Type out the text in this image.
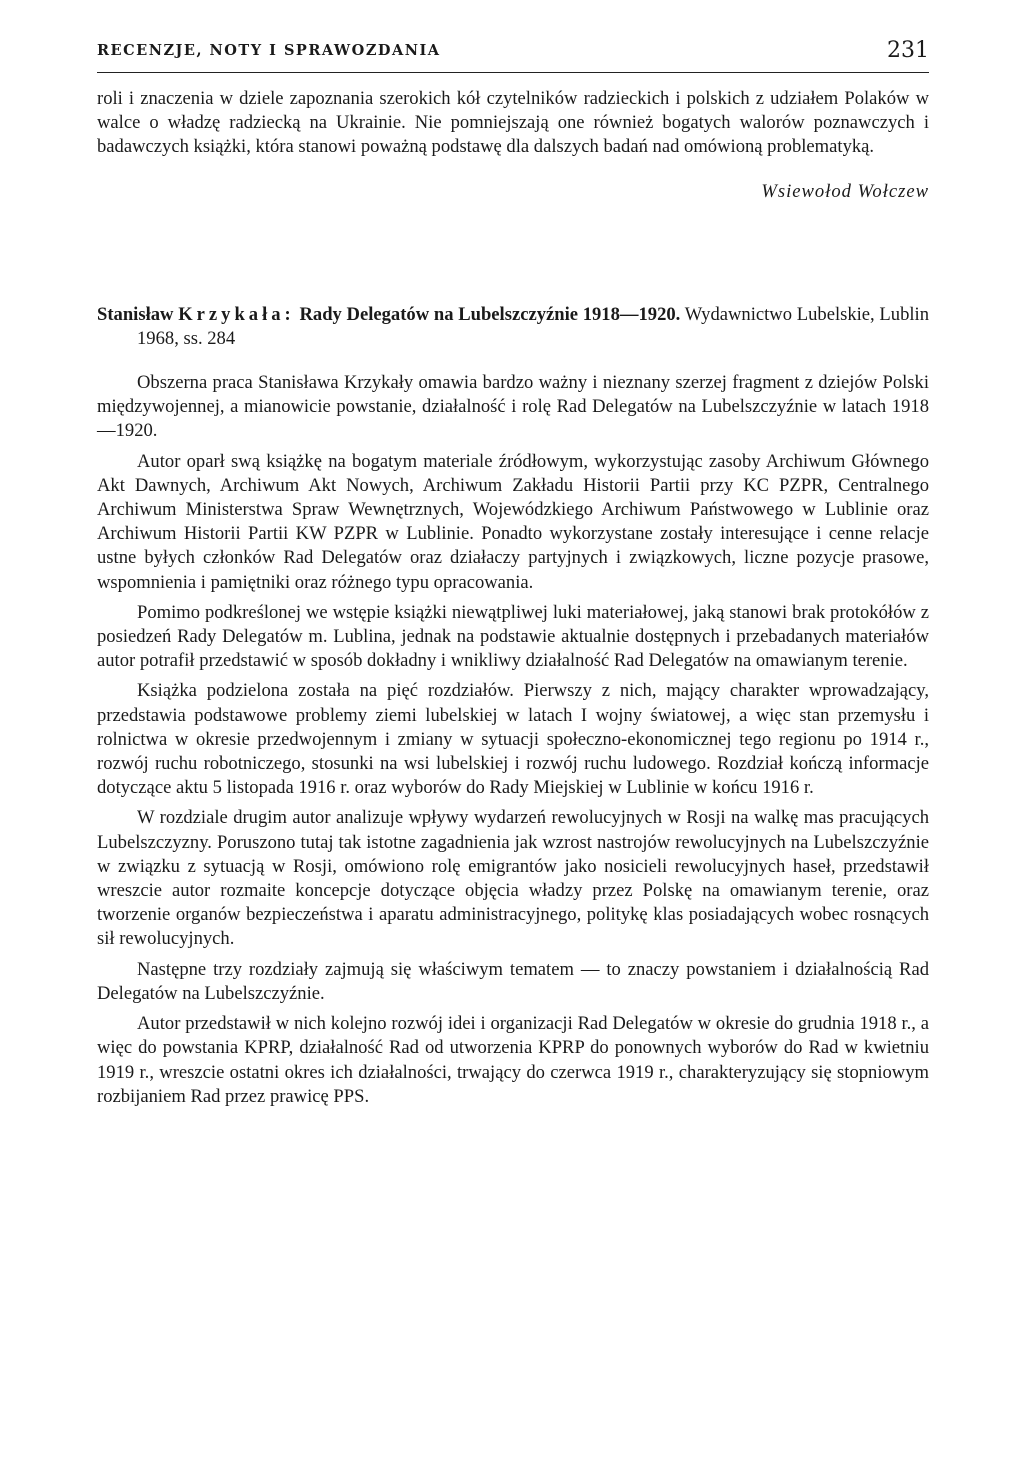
RECENZJE, NOTY I SPRAWOZDANIA	231

roli i znaczenia w dziele zapoznania szerokich kół czytelników radzieckich i polskich z udziałem Polaków w walce o władzę radziecką na Ukrainie. Nie pomniejszają one również bogatych walorów poznawczych i badawczych książki, która stanowi poważną podstawę dla dalszych badań nad omówioną problematyką.

Wsiewołod Wołczew
Stanisław Krzykała: Rady Delegatów na Lubelszczyźnie 1918—1920. Wydawnictwo Lubelskie, Lublin 1968, ss. 284

Obszerna praca Stanisława Krzykały omawia bardzo ważny i nieznany szerzej fragment z dziejów Polski międzywojennej, a mianowicie powstanie, działalność i rolę Rad Delegatów na Lubelszczyźnie w latach 1918—1920.

Autor oparł swą książkę na bogatym materiale źródłowym, wykorzystując zasoby Archiwum Głównego Akt Dawnych, Archiwum Akt Nowych, Archiwum Zakładu Historii Partii przy KC PZPR, Centralnego Archiwum Ministerstwa Spraw Wewnętrznych, Wojewódzkiego Archiwum Państwowego w Lublinie oraz Archiwum Historii Partii KW PZPR w Lublinie. Ponadto wykorzystane zostały interesujące i cenne relacje ustne byłych członków Rad Delegatów oraz działaczy partyjnych i związkowych, liczne pozycje prasowe, wspomnienia i pamiętniki oraz różnego typu opracowania.

Pomimo podkreślonej we wstępie książki niewątpliwej luki materiałowej, jaką stanowi brak protokółów z posiedzeń Rady Delegatów m. Lublina, jednak na podstawie aktualnie dostępnych i przebadanych materiałów autor potrafił przedstawić w sposób dokładny i wnikliwy działalność Rad Delegatów na omawianym terenie.

Książka podzielona została na pięć rozdziałów. Pierwszy z nich, mający charakter wprowadzający, przedstawia podstawowe problemy ziemi lubelskiej w latach I wojny światowej, a więc stan przemysłu i rolnictwa w okresie przedwojennym i zmiany w sytuacji społeczno-ekonomicznej tego regionu po 1914 r., rozwój ruchu robotniczego, stosunki na wsi lubelskiej i rozwój ruchu ludowego. Rozdział kończą informacje dotyczące aktu 5 listopada 1916 r. oraz wyborów do Rady Miejskiej w Lublinie w końcu 1916 r.

W rozdziale drugim autor analizuje wpływy wydarzeń rewolucyjnych w Rosji na walkę mas pracujących Lubelszczyzny. Poruszono tutaj tak istotne zagadnienia jak wzrost nastrojów rewolucyjnych na Lubelszczyźnie w związku z sytuacją w Rosji, omówiono rolę emigrantów jako nosicieli rewolucyjnych haseł, przedstawił wreszcie autor rozmaite koncepcje dotyczące objęcia władzy przez Polskę na omawianym terenie, oraz tworzenie organów bezpieczeństwa i aparatu administracyjnego, politykę klas posiadających wobec rosnących sił rewolucyjnych.

Następne trzy rozdziały zajmują się właściwym tematem — to znaczy powstaniem i działalnością Rad Delegatów na Lubelszczyźnie.

Autor przedstawił w nich kolejno rozwój idei i organizacji Rad Delegatów w okresie do grudnia 1918 r., a więc do powstania KPRP, działalność Rad od utworzenia KPRP do ponownych wyborów do Rad w kwietniu 1919 r., wreszcie ostatni okres ich działalności, trwający do czerwca 1919 r., charakteryzujący się stopniowym rozbijaniem Rad przez prawicę PPS.
